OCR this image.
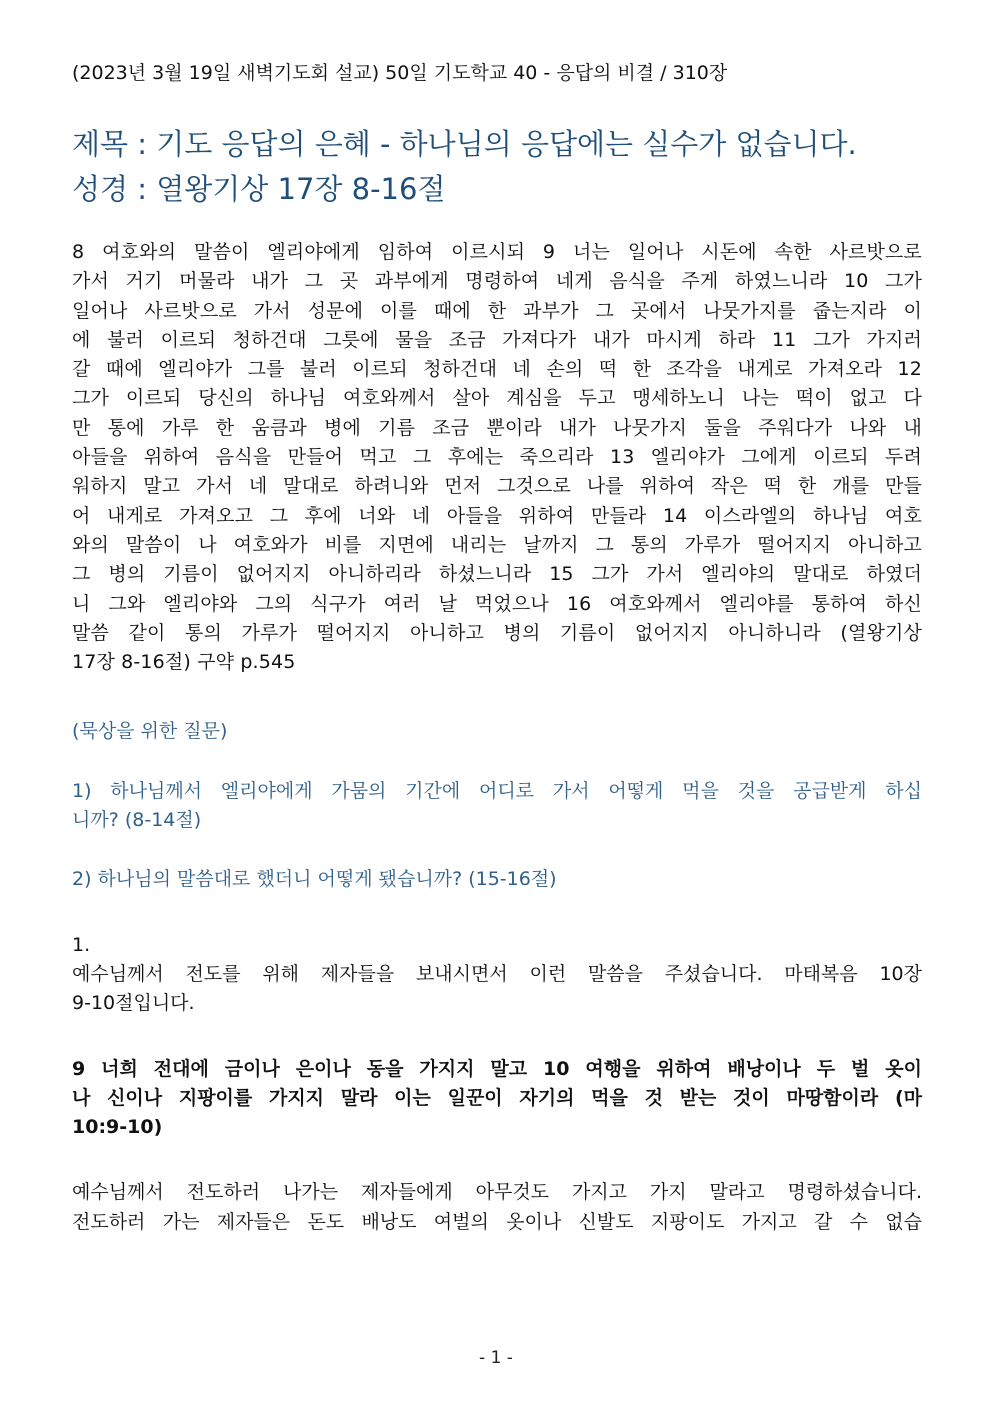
(2023년 3월 19일 새벽기도회 설교) 50일 기도학교 40 - 응답의 비결 / 310장

제목 : 기도 응답의 은혜 - 하나님의 응답에는 실수가 없습니다.

성경 : 열왕기상 17장 8-16절

8 여호와의 말씀이 엘리야에게 임하여 이르시되 9 너는 일어나 시돈에 속한 사르밧으로
가서 거기 머물라 내가 그 곳 과부에게 명령하여 네게 음식을 주게 하였느니라 10 그가
일어나 사르밧으로 가서 성문에 이를 때에 한 과부가 그 곳에서 나뭇가지를 줍는지라 이
에 불러 이르되 청하건대 그릇에 물을 조금 가져다가 내가 마시게 하라 11 그가 가지러
갈 때에 엘리야가 그를 불러 이르되 청하건대 네 손의 떡 한 조각을 내게로 가져오라 12
그가 이르되 당신의 하나님 여호와께서 살아 계심을 두고 맹세하노니 나는 떡이 없고 다
만 통에 가루 한 움큼과 병에 기름 조금 뿐이라 내가 나뭇가지 둘을 주워다가 나와 내
아들을 위하여 음식을 만들어 먹고 그 후에는 죽으리라 13 엘리야가 그에게 이르되 두려
워하지 말고 가서 네 말대로 하려니와 먼저 그것으로 나를 위하여 작은 떡 한 개를 만들
어 내게로 가져오고 그 후에 너와 네 아들을 위하여 만들라 14 이스라엘의 하나님 여호
와의 말씀이 나 여호와가 비를 지면에 내리는 날까지 그 통의 가루가 떨어지지 아니하고
그 병의 기름이 없어지지 아니하리라 하셨느니라 15 그가 가서 엘리야의 말대로 하였더
니 그와 엘리야와 그의 식구가 여러 날 먹었으나 16 여호와께서 엘리야를 통하여 하신
말씀 같이 통의 가루가 떨어지지 아니하고 병의 기름이 없어지지 아니하니라 (열왕기상
17장 8-16절) 구약 p.545
(묵상을 위한 질문)
1) 하나님께서 엘리야에게 가뭄의 기간에 어디로 가서 어떻게 먹을 것을 공급받게 하십
니까? (8-14절)
2) 하나님의 말씀대로 했더니 어떻게 됐습니까? (15-16절)
1.
예수님께서 전도를 위해 제자들을 보내시면서 이런 말씀을 주셨습니다. 마태복음 10장
9-10절입니다.
9 너희 전대에 금이나 은이나 동을 가지지 말고 10 여행을 위하여 배낭이나 두 벌 옷이
나 신이나 지팡이를 가지지 말라 이는 일꾼이 자기의 먹을 것 받는 것이 마땅함이라 (마
10:9-10)
예수님께서 전도하러 나가는 제자들에게 아무것도 가지고 가지 말라고 명령하셨습니다.
전도하러 가는 제자들은 돈도 배낭도 여벌의 옷이나 신발도 지팡이도 가지고 갈 수 없습
- 1 -
